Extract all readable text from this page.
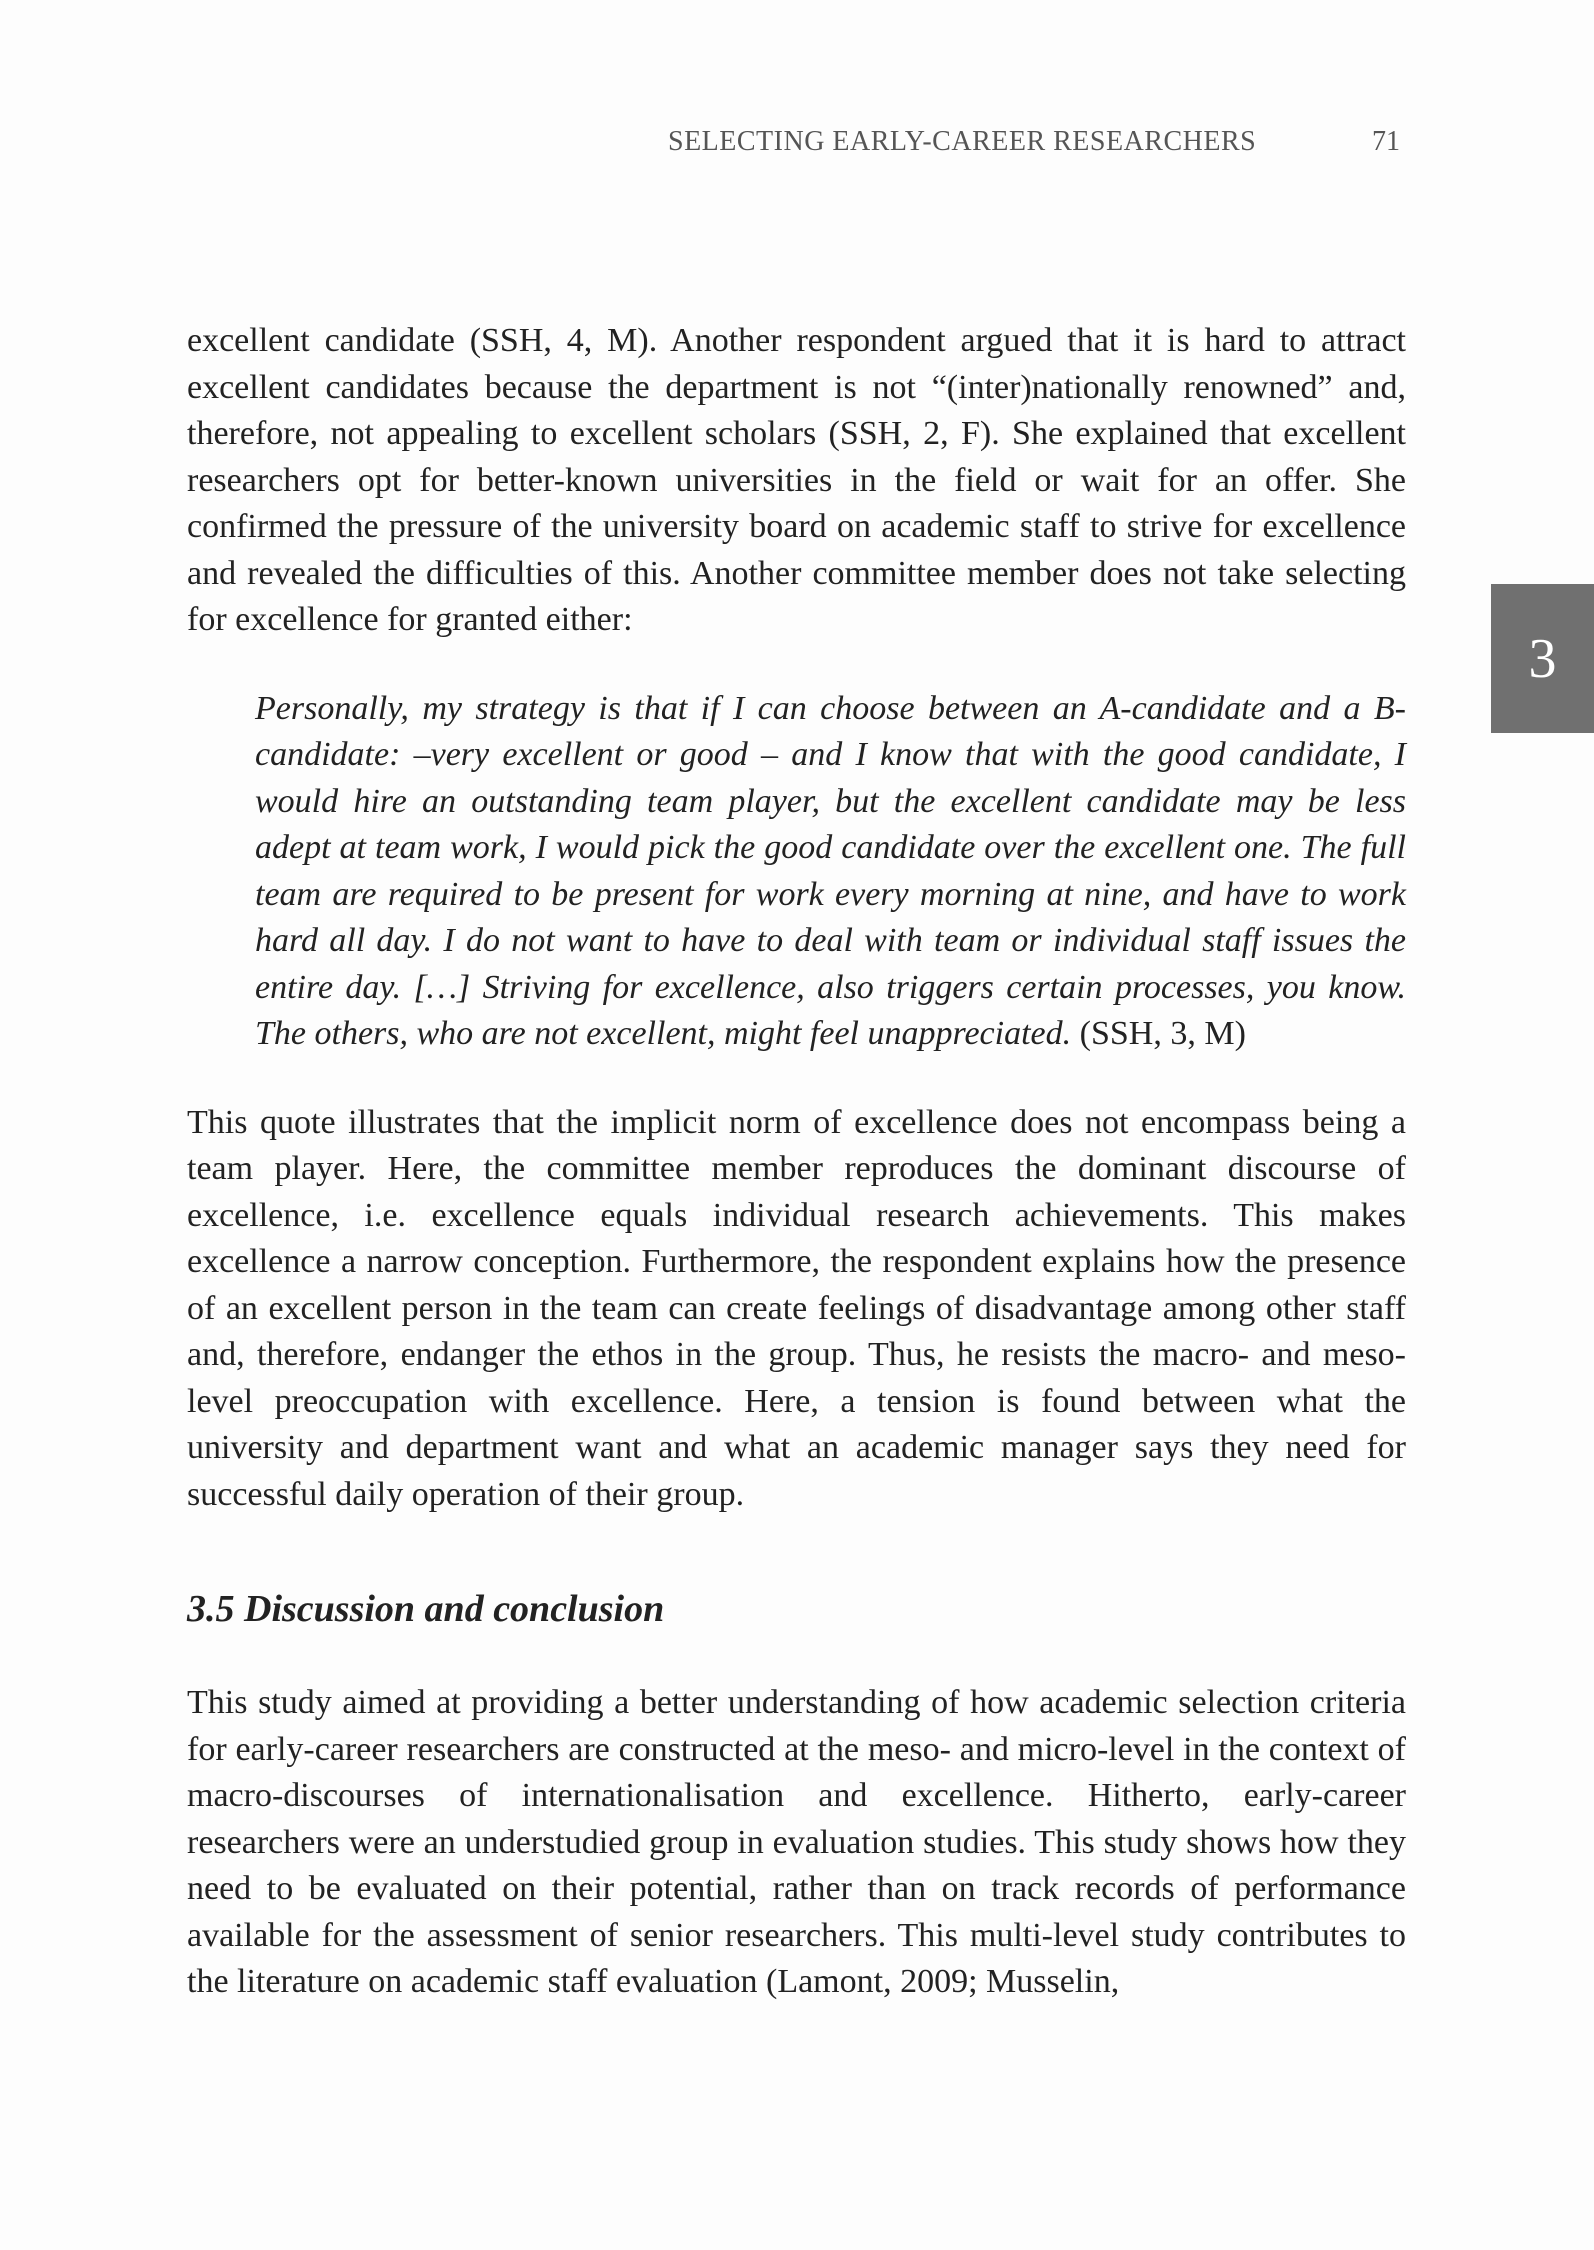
SELECTING EARLY-CAREER RESEARCHERS	71
3

excellent candidate (SSH, 4, M). Another respondent argued that it is hard to attract excellent candidates because the department is not “(inter)nationally renowned” and, therefore, not appealing to excellent scholars (SSH, 2, F). She explained that excellent researchers opt for better-known universities in the field or wait for an offer. She confirmed the pressure of the university board on academic staff to strive for excellence and revealed the difficulties of this. Another committee member does not take selecting for excellence for granted either:

Personally, my strategy is that if I can choose between an A-candidate and a B-candidate: –very excellent or good – and I know that with the good candidate, I would hire an outstanding team player, but the excellent candidate may be less adept at team work, I would pick the good candidate over the excellent one. The full team are required to be present for work every morning at nine, and have to work hard all day. I do not want to have to deal with team or individual staff issues the entire day. […] Striving for excellence, also triggers certain processes, you know. The others, who are not excellent, might feel unappreciated. (SSH, 3, M)

This quote illustrates that the implicit norm of excellence does not encompass being a team player. Here, the committee member reproduces the dominant discourse of excellence, i.e. excellence equals individual research achievements. This makes excellence a narrow conception. Furthermore, the respondent explains how the presence of an excellent person in the team can create feelings of disadvantage among other staff and, therefore, endanger the ethos in the group. Thus, he resists the macro- and meso-level preoccupation with excellence. Here, a tension is found between what the university and department want and what an academic manager says they need for successful daily operation of their group.

3.5 Discussion and conclusion

This study aimed at providing a better understanding of how academic selection criteria for early-career researchers are constructed at the meso- and micro-level in the context of macro-discourses of internationalisation and excellence. Hitherto, early-career researchers were an understudied group in evaluation studies. This study shows how they need to be evaluated on their potential, rather than on track records of performance available for the assessment of senior researchers. This multi-level study contributes to the literature on academic staff evaluation (Lamont, 2009; Musselin,
